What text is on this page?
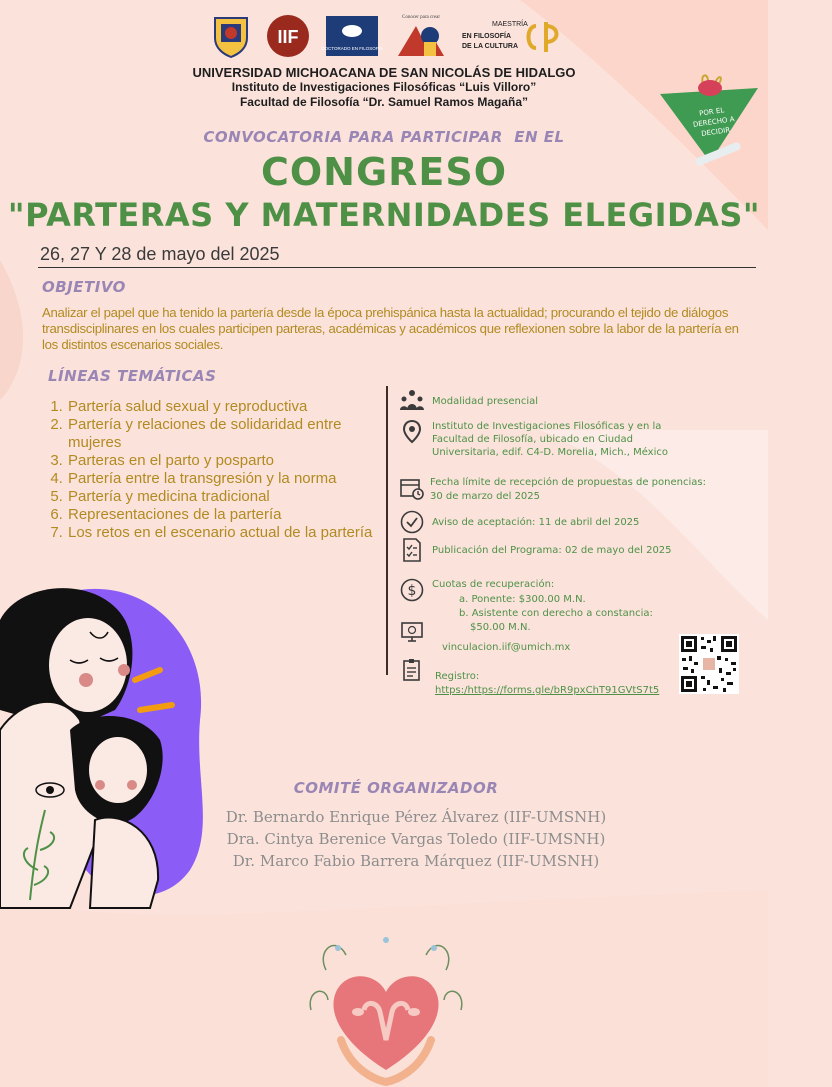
IIF
DOCTORADO EN FILOSOFÍA
Conocer para crear
MAESTRÍA
EN FILOSOFÍA
DE LA CULTURA
UNIVERSIDAD MICHOACANA DE SAN NICOLÁS DE HIDALGO
Instituto de Investigaciones Filosóficas “Luis Villoro”
Facultad de Filosofía “Dr. Samuel Ramos Magaña”
POR EL
DERECHO A
DECIDIR
CONVOCATORIA PARA PARTICIPAR  EN EL
CONGRESO
"PARTERAS Y MATERNIDADES ELEGIDAS"
26, 27 Y 28 de mayo del 2025
OBJETIVO
Analizar el papel que ha tenido la partería desde la época prehispánica hasta la actualidad; procurando el tejido de diálogos transdisciplinares en los cuales participen parteras, académicas y académicos que reflexionen sobre la labor de la partería en los distintos escenarios sociales.
LÍNEAS TEMÁTICAS
1. Partería salud sexual y reproductiva
2. Partería y relaciones de solidaridad entre mujeres
3. Parteras en el parto y posparto
4. Partería entre la transgresión y la norma
5. Partería y medicina tradicional
6. Representaciones de la partería
7. Los retos en el escenario actual de la partería
Modalidad presencial
Instituto de Investigaciones Filosóficas y en la Facultad de Filosofía, ubicado en Ciudad Universitaria, edif. C4-D. Morelia, Mich., México
Fecha límite de recepción de propuestas de ponencias:
30 de marzo del 2025
Aviso de aceptación: 11 de abril del 2025
Publicación del Programa: 02 de mayo del 2025
$ Cuotas de recuperación:
a. Ponente: $300.00 M.N.
b. Asistente con derecho a constancia:
$50.00 M.N.
vinculacion.iif@umich.mx
Registro:
https:/https://forms.gle/bR9pxChT91GVtS7t5
COMITÉ ORGANIZADOR
Dr. Bernardo Enrique Pérez Álvarez (IIF-UMSNH)
Dra. Cintya Berenice Vargas Toledo (IIF-UMSNH)
Dr. Marco Fabio Barrera Márquez (IIF-UMSNH)
